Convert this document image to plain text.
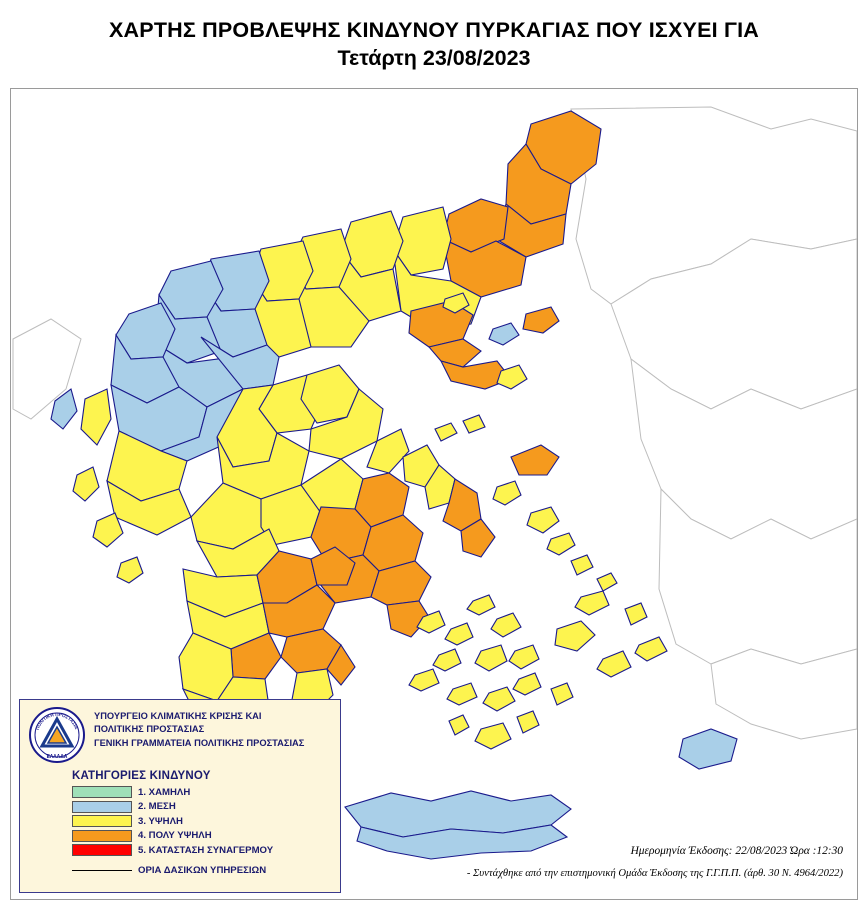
ΧΑΡΤΗΣ ΠΡΟΒΛΕΨΗΣ ΚΙΝΔΥΝΟΥ ΠΥΡΚΑΓΙΑΣ ΠΟΥ ΙΣΧΥΕΙ ΓΙΑ
Τετάρτη 23/08/2023
ΠΟΛΙΤΙΚΗ ΠΡΟΣΤΑΣΙΑ
ΕΛΛΑΔΑ
ΥΠΟΥΡΓΕΙΟ ΚΛΙΜΑΤΙΚΗΣ ΚΡΙΣΗΣ ΚΑΙ
ΠΟΛΙΤΙΚΗΣ ΠΡΟΣΤΑΣΙΑΣ
ΓΕΝΙΚΗ ΓΡΑΜΜΑΤΕΙΑ ΠΟΛΙΤΙΚΗΣ ΠΡΟΣΤΑΣΙΑΣ
ΚΑΤΗΓΟΡΙΕΣ ΚΙΝΔΥΝΟΥ
1. ΧΑΜΗΛΗ
2. ΜΕΣΗ
3. ΥΨΗΛΗ
4. ΠΟΛΥ ΥΨΗΛΗ
5. ΚΑΤΑΣΤΑΣΗ ΣΥΝΑΓΕΡΜΟΥ
ΟΡΙΑ ΔΑΣΙΚΩΝ ΥΠΗΡΕΣΙΩΝ
Ημερομηνία Έκδοσης: 22/08/2023 Ώρα :12:30
- Συντάχθηκε από την επιστημονική Ομάδα Έκδοσης της Γ.Γ.Π.Π. (άρθ. 30 Ν. 4964/2022)
